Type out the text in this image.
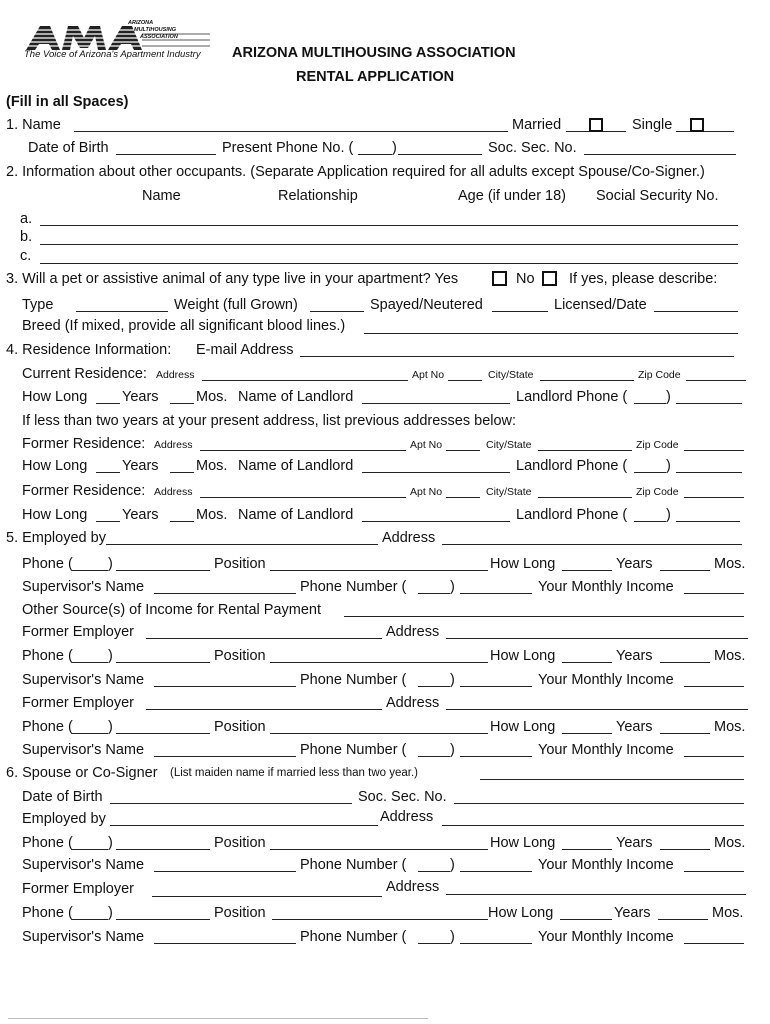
ARIZONA
MULTIHOUSING
ASSOCIATION
The Voice of Arizona's Apartment Industry ARIZONA MULTIHOUSING ASSOCIATION
RENTAL APPLICATION
(Fill in all Spaces)
1. Name	Married	Single
Date of Birth	Present Phone No. (	)	Soc. Sec. No.
2. Information about other occupants. (Separate Application required for all adults except Spouse/Co-Signer.)
Name	Relationship	Age (if under 18) Social Security No.
a.
b.
c.
3. Will a pet or assistive animal of any type live in your apartment? Yes	No If yes, please describe:
Type	Weight (full Grown)	Spayed/Neutered	Licensed/Date
Breed (If mixed, provide all significant blood lines.)
4. Residence Information: E-mail Address
Current Residence: Address	Apt No	City/State	Zip Code
How Long Years	Mos. Name of Landlord	Landlord Phone (	)
If less than two years at your present address, list previous addresses below:
Former Residence: Address	Apt No	City/State	Zip Code
How Long Years	Mos. Name of Landlord	Landlord Phone (	)
Former Residence: Address	Apt No	City/State	Zip Code
How Long Years	Mos. Name of Landlord	Landlord Phone (	)
5. Employed by	Address
Phone ( )	Position	How Long	Years	Mos.
Supervisor's Name	Phone Number (	)	Your Monthly Income
Other Source(s) of Income for Rental Payment
Former Employer	Address
Phone ( )	Position	How Long	Years	Mos.
Supervisor's Name	Phone Number (	)	Your Monthly Income
Former Employer	Address
Phone ( )	Position	How Long	Years	Mos.
Supervisor's Name	Phone Number (	)	Your Monthly Income
6. Spouse or Co-Signer (List maiden name if married less than two year.)
Date of Birth	Soc. Sec. No.
Employed by	Address
Phone ( )	Position	How Long	Years	Mos.
Supervisor's Name	Phone Number (	)	Your Monthly Income
Former Employer	Address
Phone ( )	Position	How Long	Years	Mos.
Supervisor's Name	Phone Number (	)	Your Monthly Income
